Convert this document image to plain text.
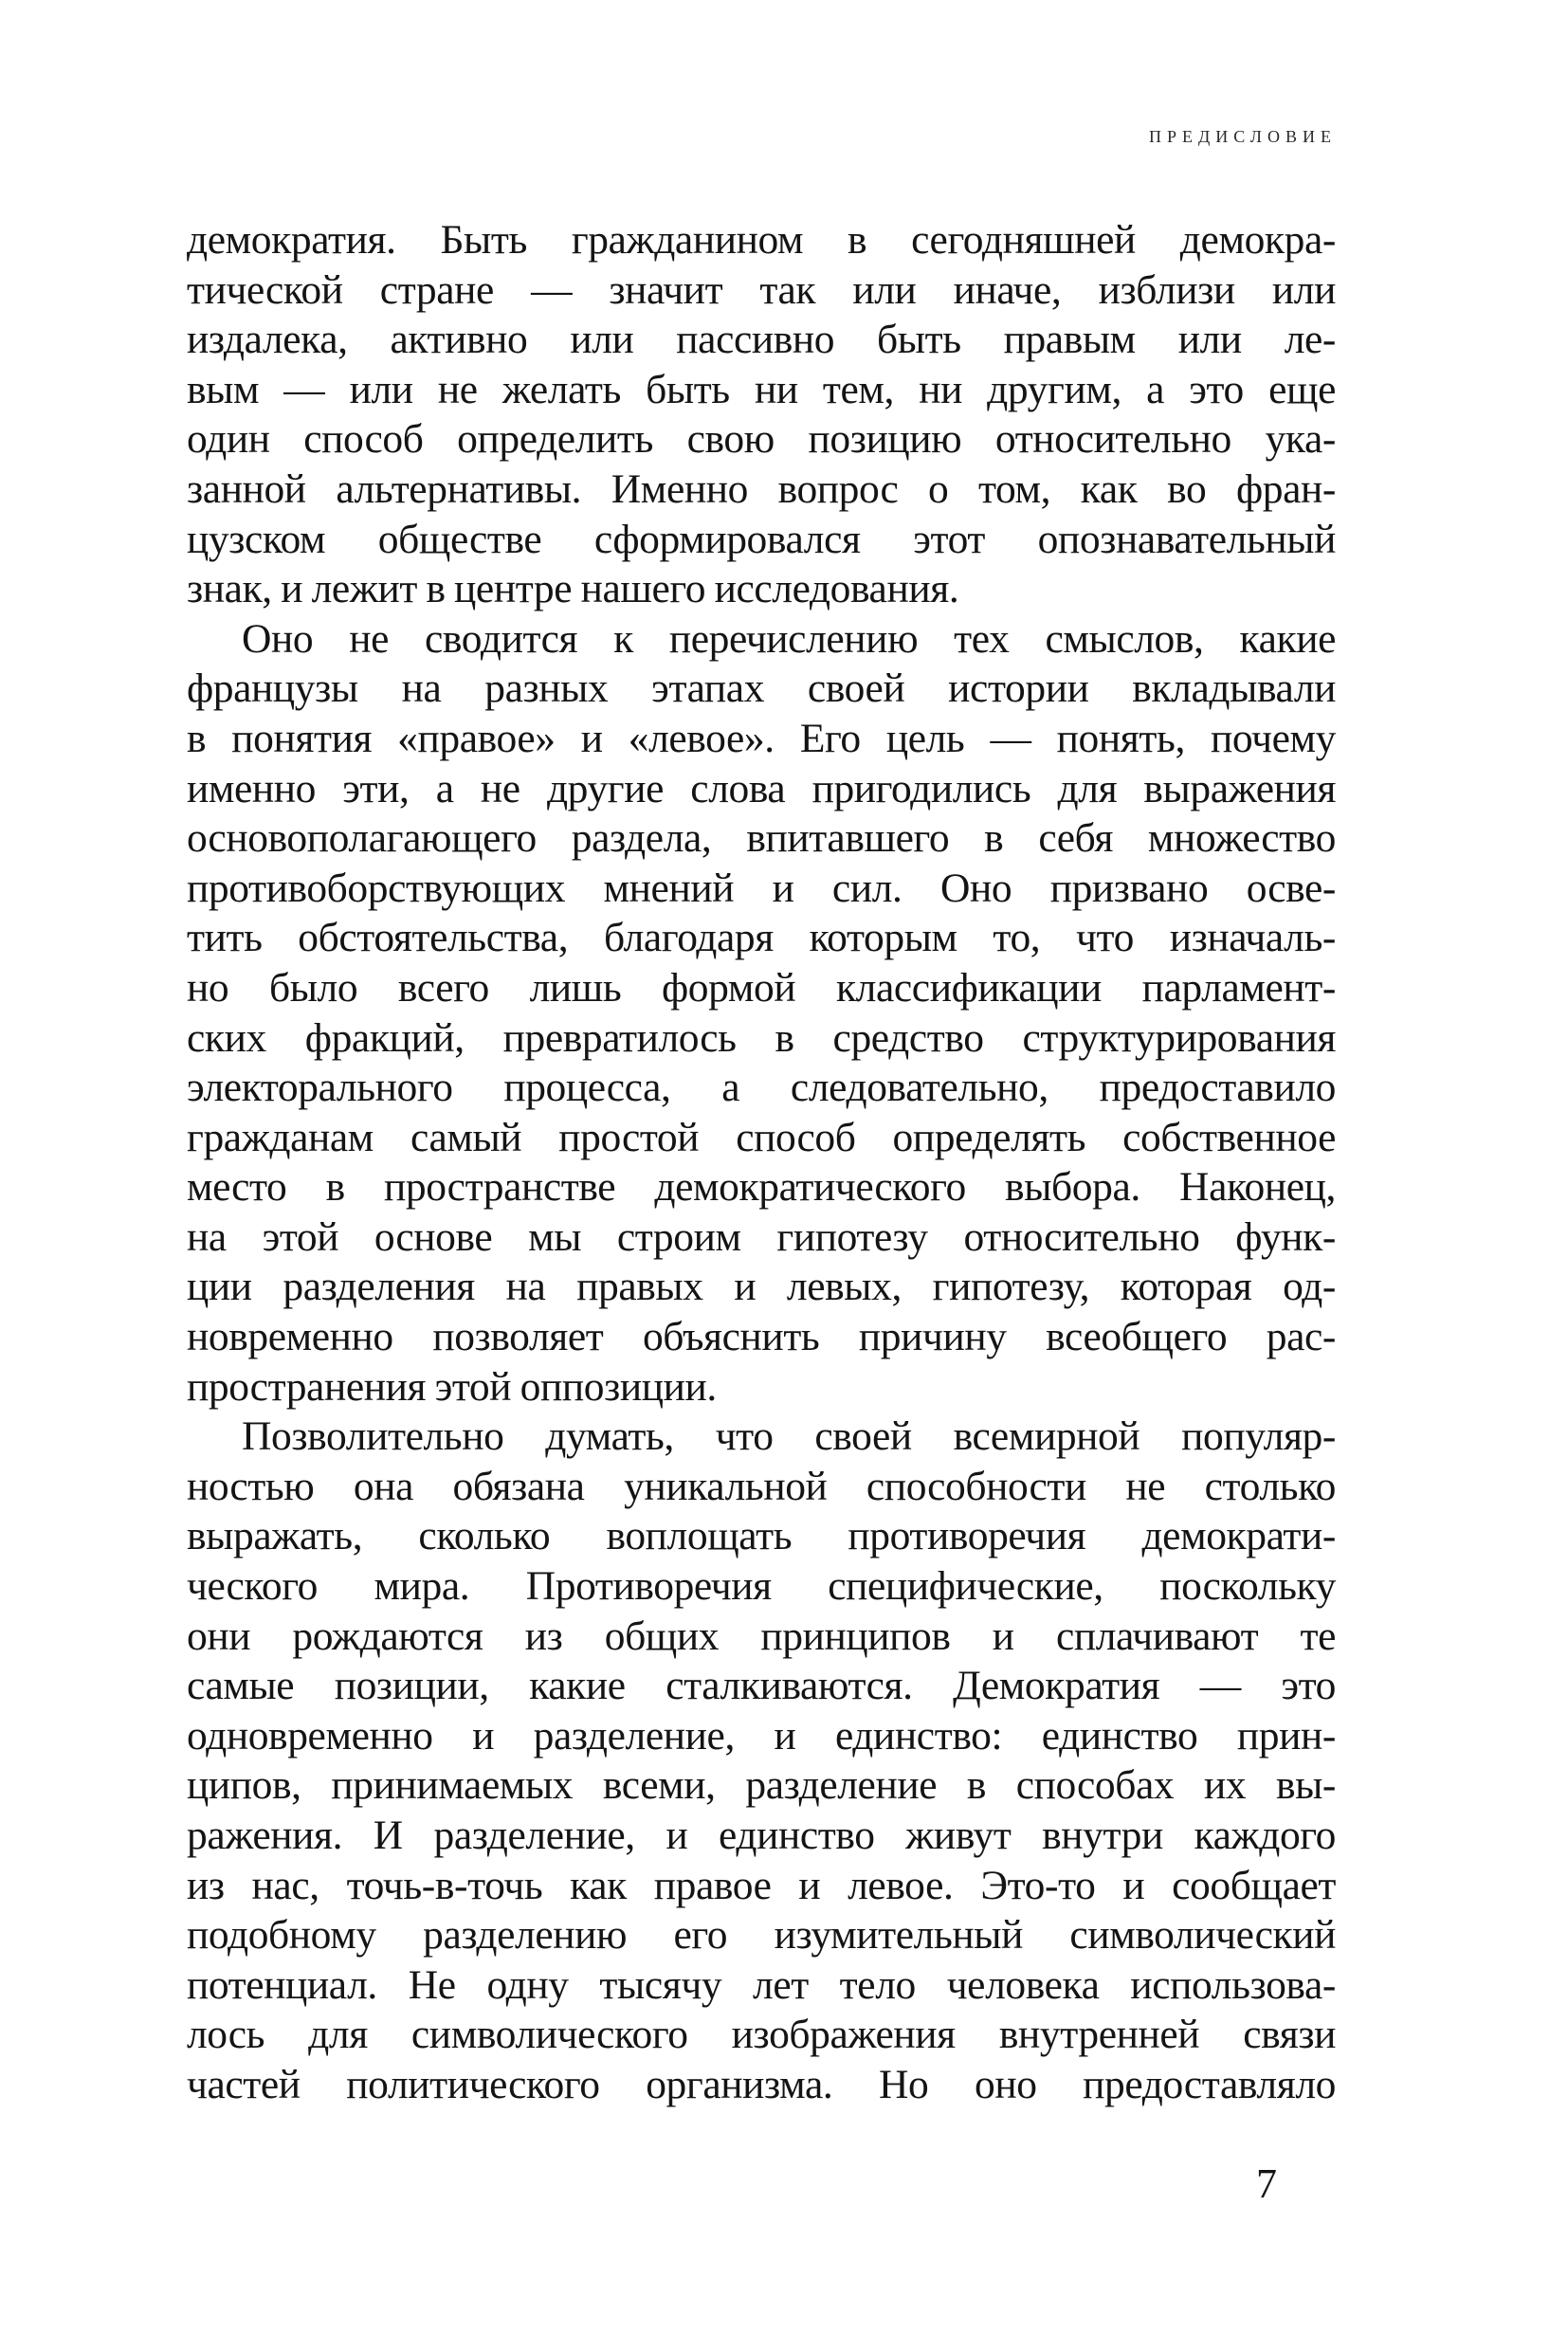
ПРЕДИСЛОВИЕ
демократия. Быть гражданином в сегодняшней демокра-
тической стране — значит так или иначе, изблизи или
издалека, активно или пассивно быть правым или ле-
вым — или не желать быть ни тем, ни другим, а это еще
один способ определить свою позицию относительно ука-
занной альтернативы. Именно вопрос о том, как во фран-
цузском обществе сформировался этот опознавательный
знак, и лежит в центре нашего исследования.
Оно не сводится к перечислению тех смыслов, какие
французы на разных этапах своей истории вкладывали
в понятия «правое» и «левое». Его цель — понять, почему
именно эти, а не другие слова пригодились для выражения
основополагающего раздела, впитавшего в себя множество
противоборствующих мнений и сил. Оно призвано осве-
тить обстоятельства, благодаря которым то, что изначаль-
но было всего лишь формой классификации парламент-
ских фракций, превратилось в средство структурирования
электорального процесса, а следовательно, предоставило
гражданам самый простой способ определять собственное
место в пространстве демократического выбора. Наконец,
на этой основе мы строим гипотезу относительно функ-
ции разделения на правых и левых, гипотезу, которая од-
новременно позволяет объяснить причину всеобщего рас-
пространения этой оппозиции.
Позволительно думать, что своей всемирной популяр-
ностью она обязана уникальной способности не столько
выражать, сколько воплощать противоречия демократи-
ческого мира. Противоречия специфические, поскольку
они рождаются из общих принципов и сплачивают те
самые позиции, какие сталкиваются. Демократия — это
одновременно и разделение, и единство: единство прин-
ципов, принимаемых всеми, разделение в способах их вы-
ражения. И разделение, и единство живут внутри каждого
из нас, точь-в-точь как правое и левое. Это-то и сообщает
подобному разделению его изумительный символический
потенциал. Не одну тысячу лет тело человека использова-
лось для символического изображения внутренней связи
частей политического организма. Но оно предоставляло
7
